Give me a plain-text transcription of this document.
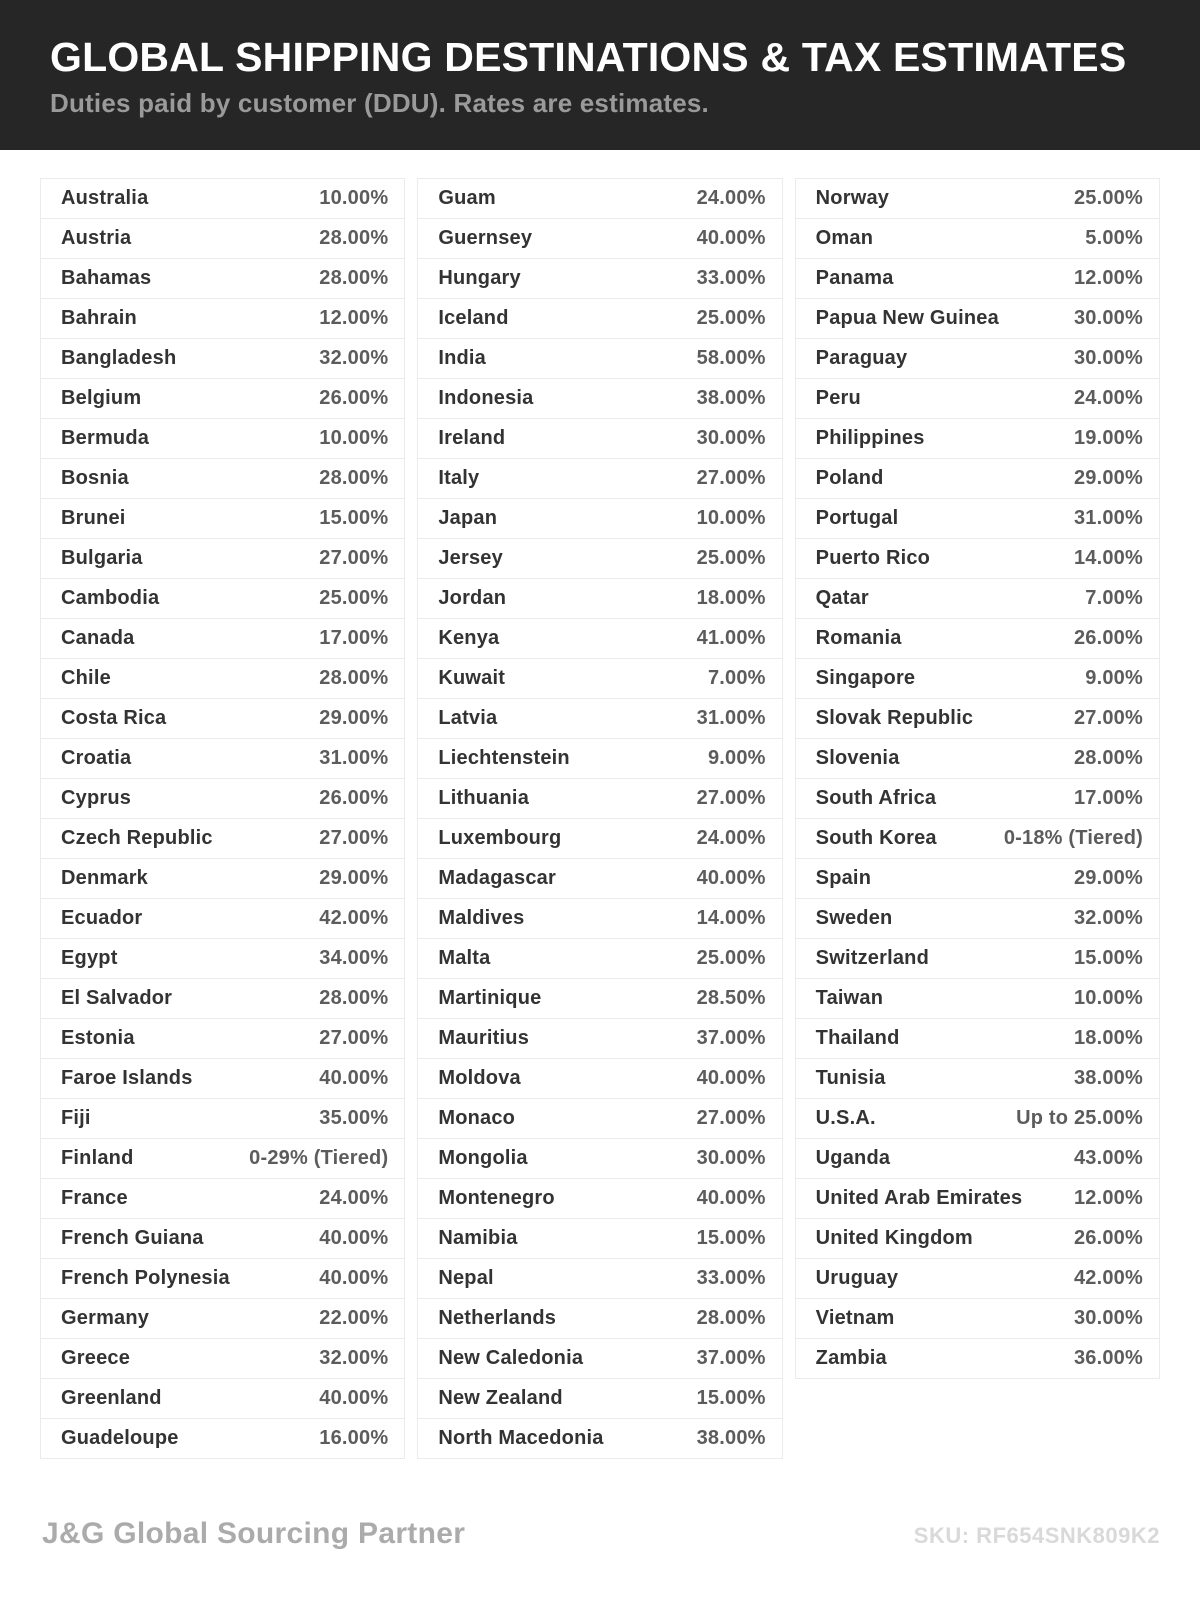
GLOBAL SHIPPING DESTINATIONS & TAX ESTIMATES
Duties paid by customer (DDU). Rates are estimates.
Australia	10.00%
Austria	28.00%
Bahamas	28.00%
Bahrain	12.00%
Bangladesh	32.00%
Belgium	26.00%
Bermuda	10.00%
Bosnia	28.00%
Brunei	15.00%
Bulgaria	27.00%
Cambodia	25.00%
Canada	17.00%
Chile	28.00%
Costa Rica	29.00%
Croatia	31.00%
Cyprus	26.00%
Czech Republic	27.00%
Denmark	29.00%
Ecuador	42.00%
Egypt	34.00%
El Salvador	28.00%
Estonia	27.00%
Faroe Islands	40.00%
Fiji	35.00%
Finland	0-29% (Tiered)
France	24.00%
French Guiana	40.00%
French Polynesia	40.00%
Germany	22.00%
Greece	32.00%
Greenland	40.00%
Guadeloupe	16.00%
Guam	24.00%
Guernsey	40.00%
Hungary	33.00%
Iceland	25.00%
India	58.00%
Indonesia	38.00%
Ireland	30.00%
Italy	27.00%
Japan	10.00%
Jersey	25.00%
Jordan	18.00%
Kenya	41.00%
Kuwait	7.00%
Latvia	31.00%
Liechtenstein	9.00%
Lithuania	27.00%
Luxembourg	24.00%
Madagascar	40.00%
Maldives	14.00%
Malta	25.00%
Martinique	28.50%
Mauritius	37.00%
Moldova	40.00%
Monaco	27.00%
Mongolia	30.00%
Montenegro	40.00%
Namibia	15.00%
Nepal	33.00%
Netherlands	28.00%
New Caledonia	37.00%
New Zealand	15.00%
North Macedonia	38.00%
Norway	25.00%
Oman	5.00%
Panama	12.00%
Papua New Guinea	30.00%
Paraguay	30.00%
Peru	24.00%
Philippines	19.00%
Poland	29.00%
Portugal	31.00%
Puerto Rico	14.00%
Qatar	7.00%
Romania	26.00%
Singapore	9.00%
Slovak Republic	27.00%
Slovenia	28.00%
South Africa	17.00%
South Korea	0-18% (Tiered)
Spain	29.00%
Sweden	32.00%
Switzerland	15.00%
Taiwan	10.00%
Thailand	18.00%
Tunisia	38.00%
U.S.A.	Up to 25.00%
Uganda	43.00%
United Arab Emirates	12.00%
United Kingdom	26.00%
Uruguay	42.00%
Vietnam	30.00%
Zambia	36.00%
J&G Global Sourcing Partner	SKU: RF654SNK809K2
